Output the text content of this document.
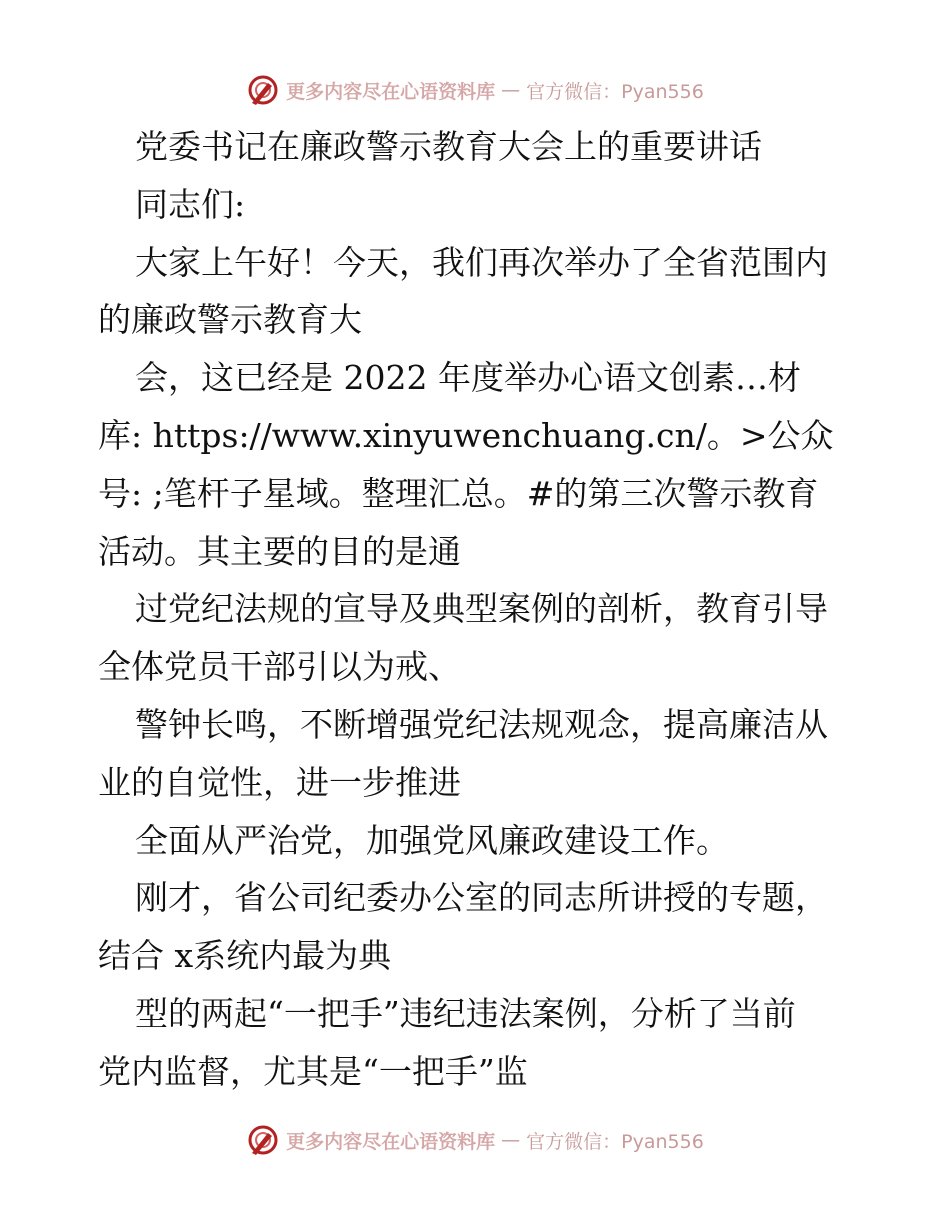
更多内容尽在心语资料库 — 官方微信：Pyan556
党委书记在廉政警示教育大会上的重要讲话
同志们:
大家上午好！今天，我们再次举办了全省范围内
的廉政警示教育大
会，这已经是 2022 年度举办心语文创素…材
库: https://www.xinyuwenchuang.cn/。>公众
号: ;笔杆子星域。整理汇总。#的第三次警示教育
活动。其主要的目的是通
过党纪法规的宣导及典型案例的剖析，教育引导
全体党员干部引以为戒、
警钟长鸣，不断增强党纪法规观念，提高廉洁从
业的自觉性，进一步推进
全面从严治党，加强党风廉政建设工作。
刚才，省公司纪委办公室的同志所讲授的专题，
结合 x系统内最为典
型的两起“一把手”违纪违法案例，分析了当前
党内监督，尤其是“一把手”监
更多内容尽在心语资料库 — 官方微信：Pyan556
